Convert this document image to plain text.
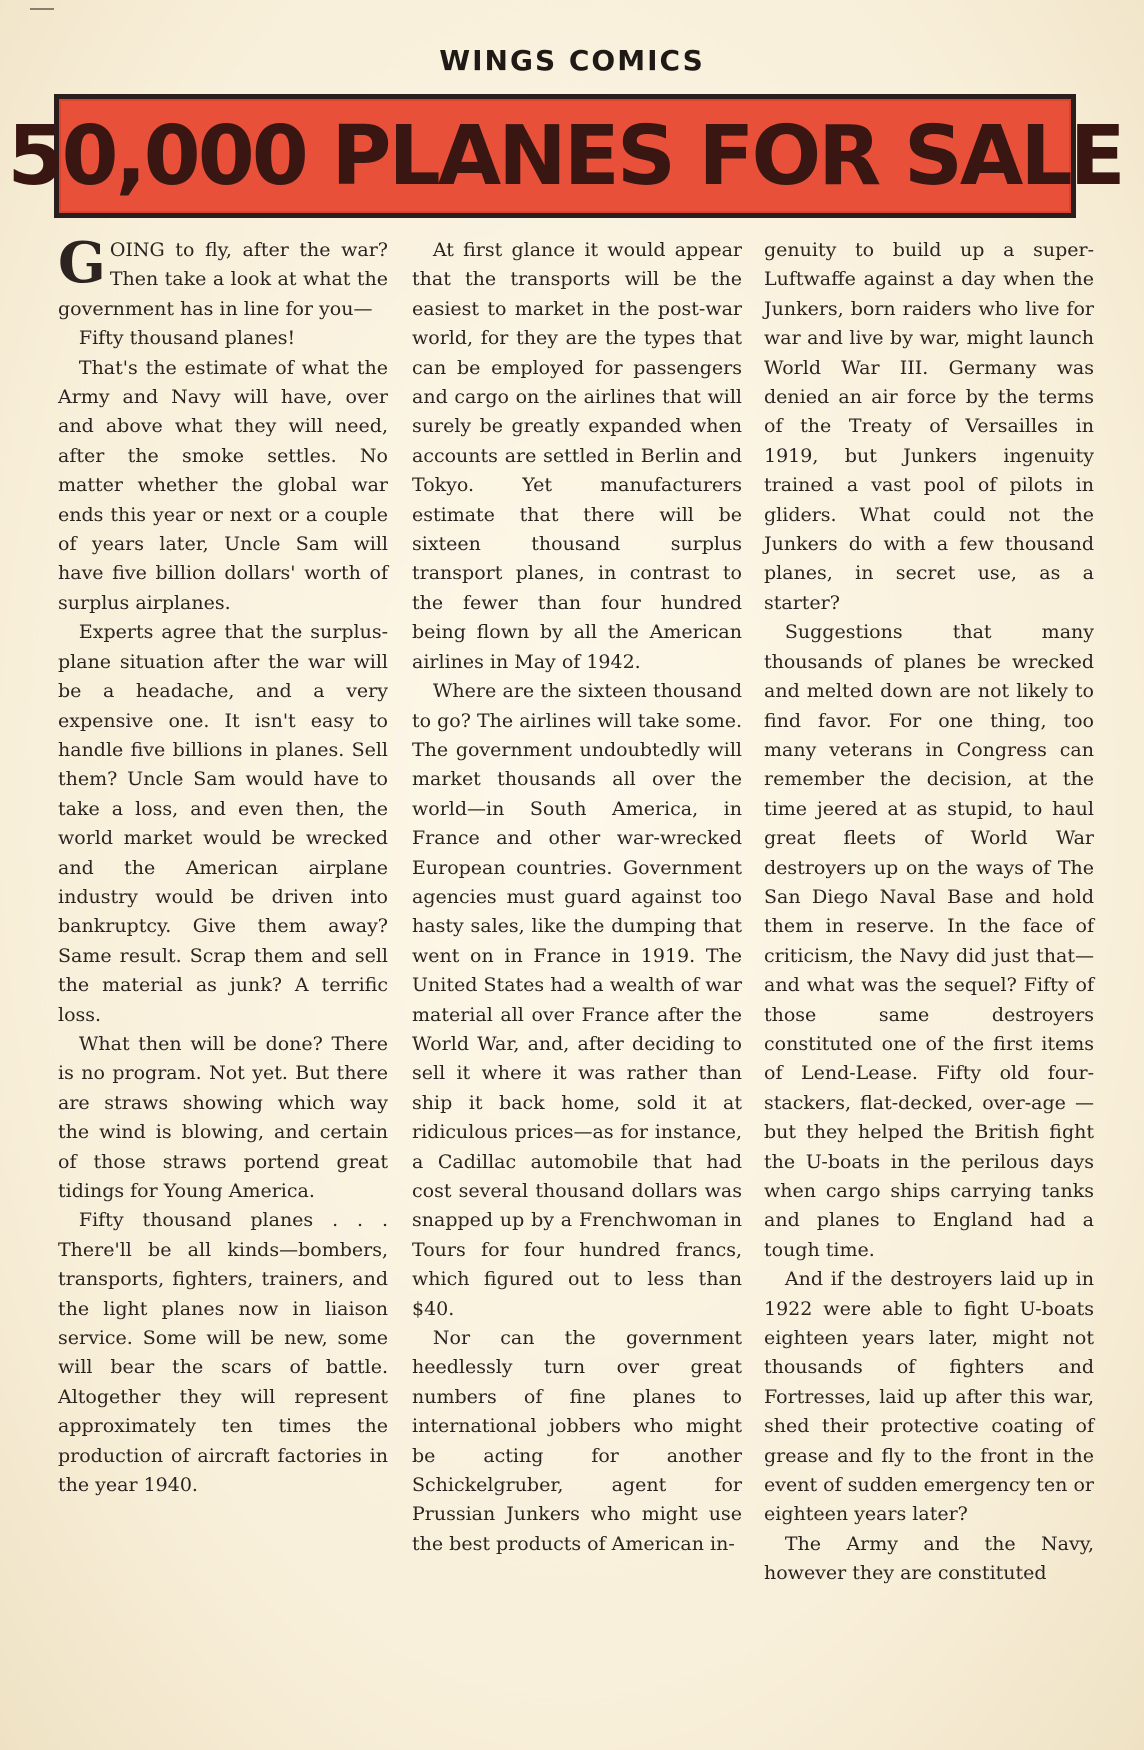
WINGS COMICS
50,000 PLANES FOR SALE

GOING to fly, after the war? Then take a look at what the government has in line for you—

Fifty thousand planes!

That's the estimate of what the Army and Navy will have, over and above what they will need, after the smoke settles. No matter whether the global war ends this year or next or a couple of years later, Uncle Sam will have five billion dollars' worth of surplus airplanes.

Experts agree that the surplus-plane situation after the war will be a headache, and a very expensive one. It isn't easy to handle five billions in planes. Sell them? Uncle Sam would have to take a loss, and even then, the world market would be wrecked and the American airplane industry would be driven into bankruptcy. Give them away? Same result. Scrap them and sell the material as junk? A terrific loss.

What then will be done? There is no program. Not yet. But there are straws showing which way the wind is blowing, and certain of those straws portend great tidings for Young America.

Fifty thousand planes . . . There'll be all kinds—bombers, transports, fighters, trainers, and the light planes now in liaison service. Some will be new, some will bear the scars of battle. Altogether they will represent approximately ten times the production of aircraft factories in the year 1940.

At first glance it would appear that the transports will be the easiest to market in the post-war world, for they are the types that can be employed for passengers and cargo on the airlines that will surely be greatly expanded when accounts are settled in Berlin and Tokyo. Yet manufacturers estimate that there will be sixteen thousand surplus transport planes, in contrast to the fewer than four hundred being flown by all the American airlines in May of 1942.

Where are the sixteen thousand to go? The airlines will take some. The government undoubtedly will market thousands all over the world—in South America, in France and other war-wrecked European countries. Government agencies must guard against too hasty sales, like the dumping that went on in France in 1919. The United States had a wealth of war material all over France after the World War, and, after deciding to sell it where it was rather than ship it back home, sold it at ridiculous prices—as for instance, a Cadillac automobile that had cost several thousand dollars was snapped up by a Frenchwoman in Tours for four hundred francs, which figured out to less than $40.

Nor can the government heedlessly turn over great numbers of fine planes to international jobbers who might be acting for another Schickelgruber, agent for Prussian Junkers who might use the best products of American in-

genuity to build up a super-Luftwaffe against a day when the Junkers, born raiders who live for war and live by war, might launch World War III. Germany was denied an air force by the terms of the Treaty of Versailles in 1919, but Junkers ingenuity trained a vast pool of pilots in gliders. What could not the Junkers do with a few thousand planes, in secret use, as a starter?

Suggestions that many thousands of planes be wrecked and melted down are not likely to find favor. For one thing, too many veterans in Congress can remember the decision, at the time jeered at as stupid, to haul great fleets of World War destroyers up on the ways of The San Diego Naval Base and hold them in reserve. In the face of criticism, the Navy did just that—and what was the sequel? Fifty of those same destroyers constituted one of the first items of Lend-Lease. Fifty old four-stackers, flat-decked, over-age — but they helped the British fight the U-boats in the perilous days when cargo ships carrying tanks and planes to England had a tough time.

And if the destroyers laid up in 1922 were able to fight U-boats eighteen years later, might not thousands of fighters and Fortresses, laid up after this war, shed their protective coating of grease and fly to the front in the event of sudden emergency ten or eighteen years later?

The Army and the Navy, however they are constituted
